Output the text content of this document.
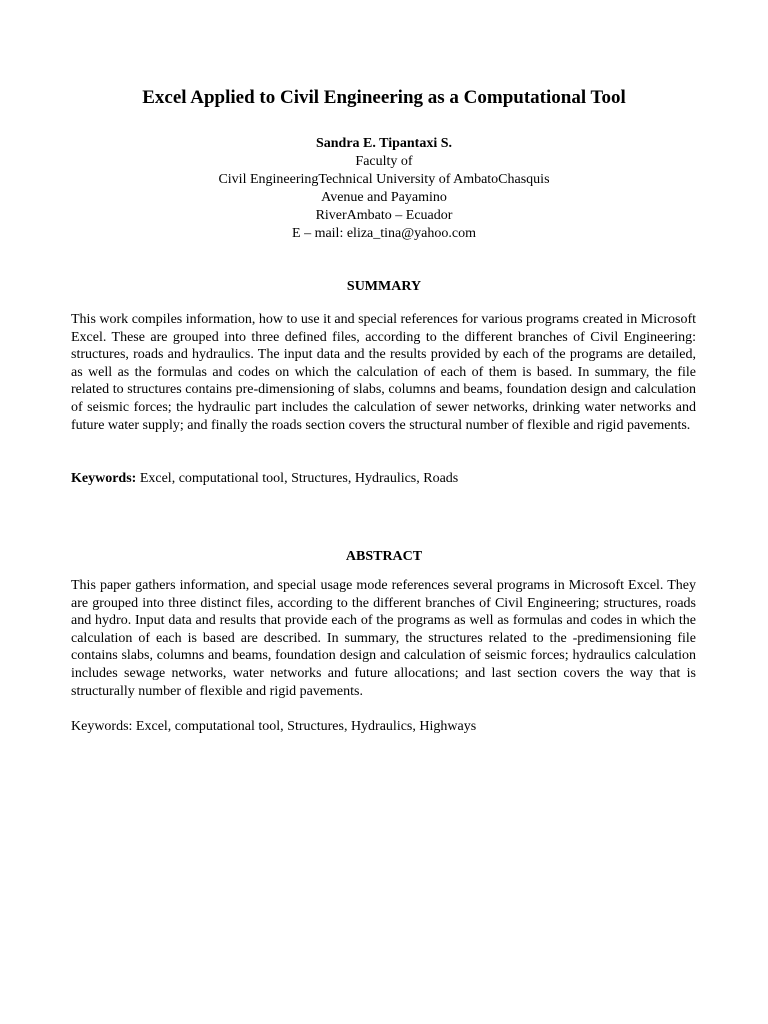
Excel Applied to Civil Engineering as a Computational Tool
Sandra E. Tipantaxi S.
Faculty of
Civil EngineeringTechnical University of AmbatoChasquis
Avenue and Payamino
RiverAmbato – Ecuador
E – mail: eliza_tina@yahoo.com
SUMMARY

This work compiles information, how to use it and special references for various programs created in Microsoft Excel. These are grouped into three defined files, according to the different branches of Civil Engineering: structures, roads and hydraulics. The input data and the results provided by each of the programs are detailed, as well as the formulas and codes on which the calculation of each of them is based. In summary, the file related to structures contains pre-dimensioning of slabs, columns and beams, foundation design and calculation of seismic forces; the hydraulic part includes the calculation of sewer networks, drinking water networks and future water supply; and finally the roads section covers the structural number of flexible and rigid pavements.

Keywords: Excel, computational tool, Structures, Hydraulics, Roads

ABSTRACT

This paper gathers information, and special usage mode references several programs in Microsoft Excel. They are grouped into three distinct files, according to the different branches of Civil Engineering; structures, roads and hydro. Input data and results that provide each of the programs as well as formulas and codes in which the calculation of each is based are described. In summary, the structures related to the -predimensioning file contains slabs, columns and beams, foundation design and calculation of seismic forces; hydraulics calculation includes sewage networks, water networks and future allocations; and last section covers the way that is structurally number of flexible and rigid pavements.

Keywords: Excel, computational tool, Structures, Hydraulics, Highways
